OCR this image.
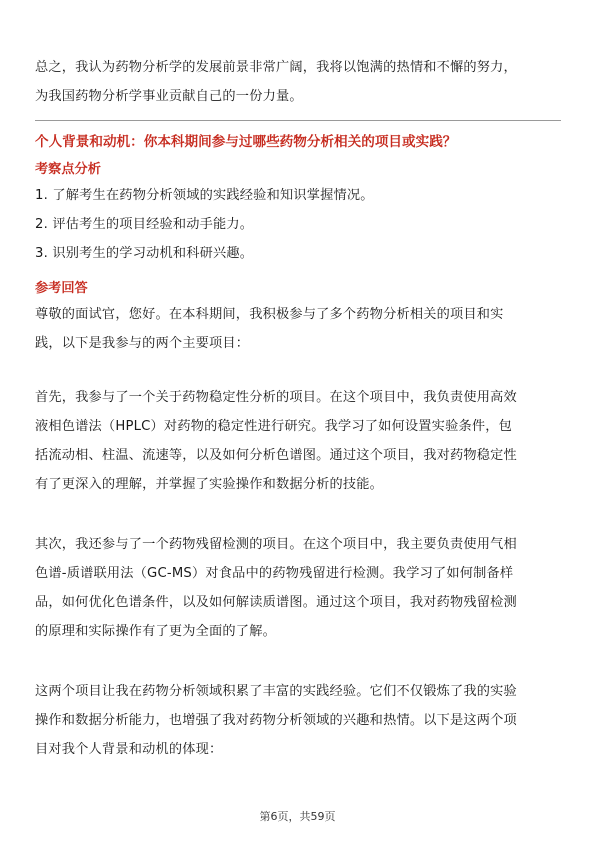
总之，我认为药物分析学的发展前景非常广阔，我将以饱满的热情和不懈的努力，
为我国药物分析学事业贡献自己的一份力量。
个人背景和动机：你本科期间参与过哪些药物分析相关的项目或实践？
考察点分析
1. 了解考生在药物分析领域的实践经验和知识掌握情况。
2. 评估考生的项目经验和动手能力。
3. 识别考生的学习动机和科研兴趣。
参考回答
尊敬的面试官，您好。在本科期间，我积极参与了多个药物分析相关的项目和实
践，以下是我参与的两个主要项目：
首先，我参与了一个关于药物稳定性分析的项目。在这个项目中，我负责使用高效
液相色谱法（HPLC）对药物的稳定性进行研究。我学习了如何设置实验条件，包
括流动相、柱温、流速等，以及如何分析色谱图。通过这个项目，我对药物稳定性
有了更深入的理解，并掌握了实验操作和数据分析的技能。
其次，我还参与了一个药物残留检测的项目。在这个项目中，我主要负责使用气相
色谱-质谱联用法（GC-MS）对食品中的药物残留进行检测。我学习了如何制备样
品，如何优化色谱条件，以及如何解读质谱图。通过这个项目，我对药物残留检测
的原理和实际操作有了更为全面的了解。
这两个项目让我在药物分析领域积累了丰富的实践经验。它们不仅锻炼了我的实验
操作和数据分析能力，也增强了我对药物分析领域的兴趣和热情。以下是这两个项
目对我个人背景和动机的体现：
第6页，共59页
